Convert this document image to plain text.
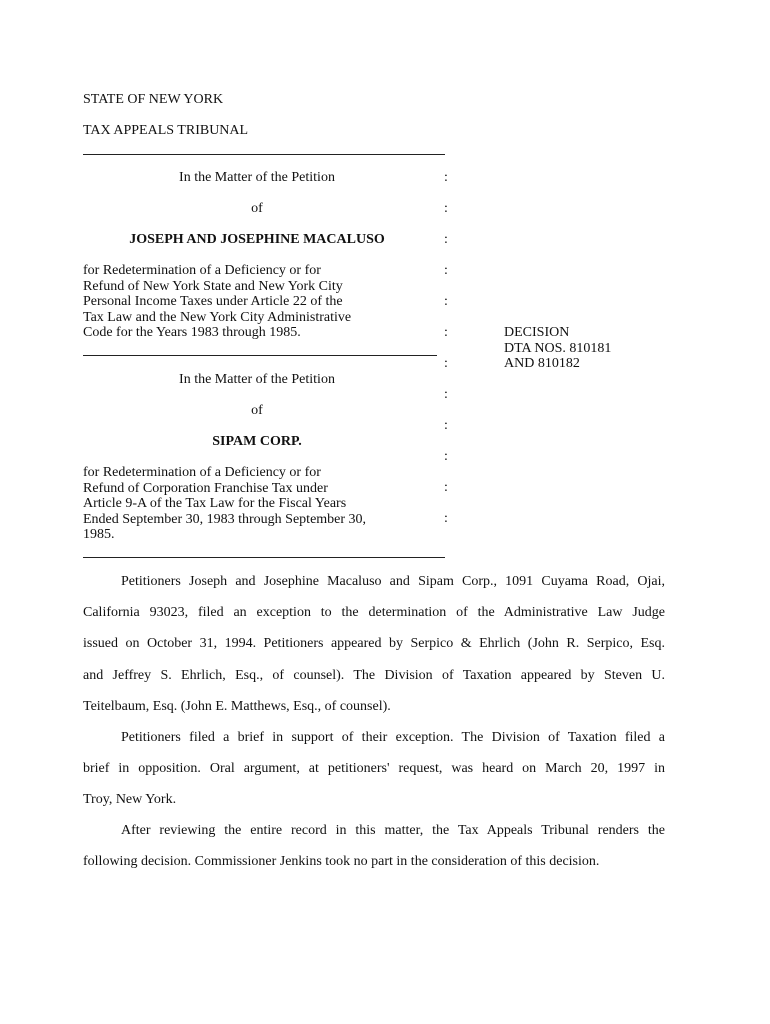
STATE OF NEW YORK
TAX APPEALS TRIBUNAL
In the Matter of the Petition
of
JOSEPH AND JOSEPHINE MACALUSO
for Redetermination of a Deficiency or for
Refund of New York State and New York City
Personal Income Taxes under Article 22 of the
Tax Law and the New York City Administrative
Code for the Years 1983 through 1985.
In the Matter of the Petition
of
SIPAM CORP.
for Redetermination of a Deficiency or for
Refund of Corporation Franchise Tax under
Article 9-A of the Tax Law for the Fiscal Years
Ended September 30, 1983 through September 30,
1985.
:
:
:
:
:
:
:
:
:
:
:
:
DECISION
DTA NOS. 810181
AND 810182
Petitioners Joseph and Josephine Macaluso and Sipam Corp., 1091 Cuyama Road, Ojai,
California 93023, filed an exception to the determination of the Administrative Law Judge
issued on October 31, 1994. Petitioners appeared by Serpico & Ehrlich (John R. Serpico, Esq.
and Jeffrey S. Ehrlich, Esq., of counsel). The Division of Taxation appeared by Steven U.
Teitelbaum, Esq. (John E. Matthews, Esq., of counsel).
Petitioners filed a brief in support of their exception. The Division of Taxation filed a
brief in opposition. Oral argument, at petitioners' request, was heard on March 20, 1997 in
Troy, New York.
After reviewing the entire record in this matter, the Tax Appeals Tribunal renders the
following decision. Commissioner Jenkins took no part in the consideration of this decision.
